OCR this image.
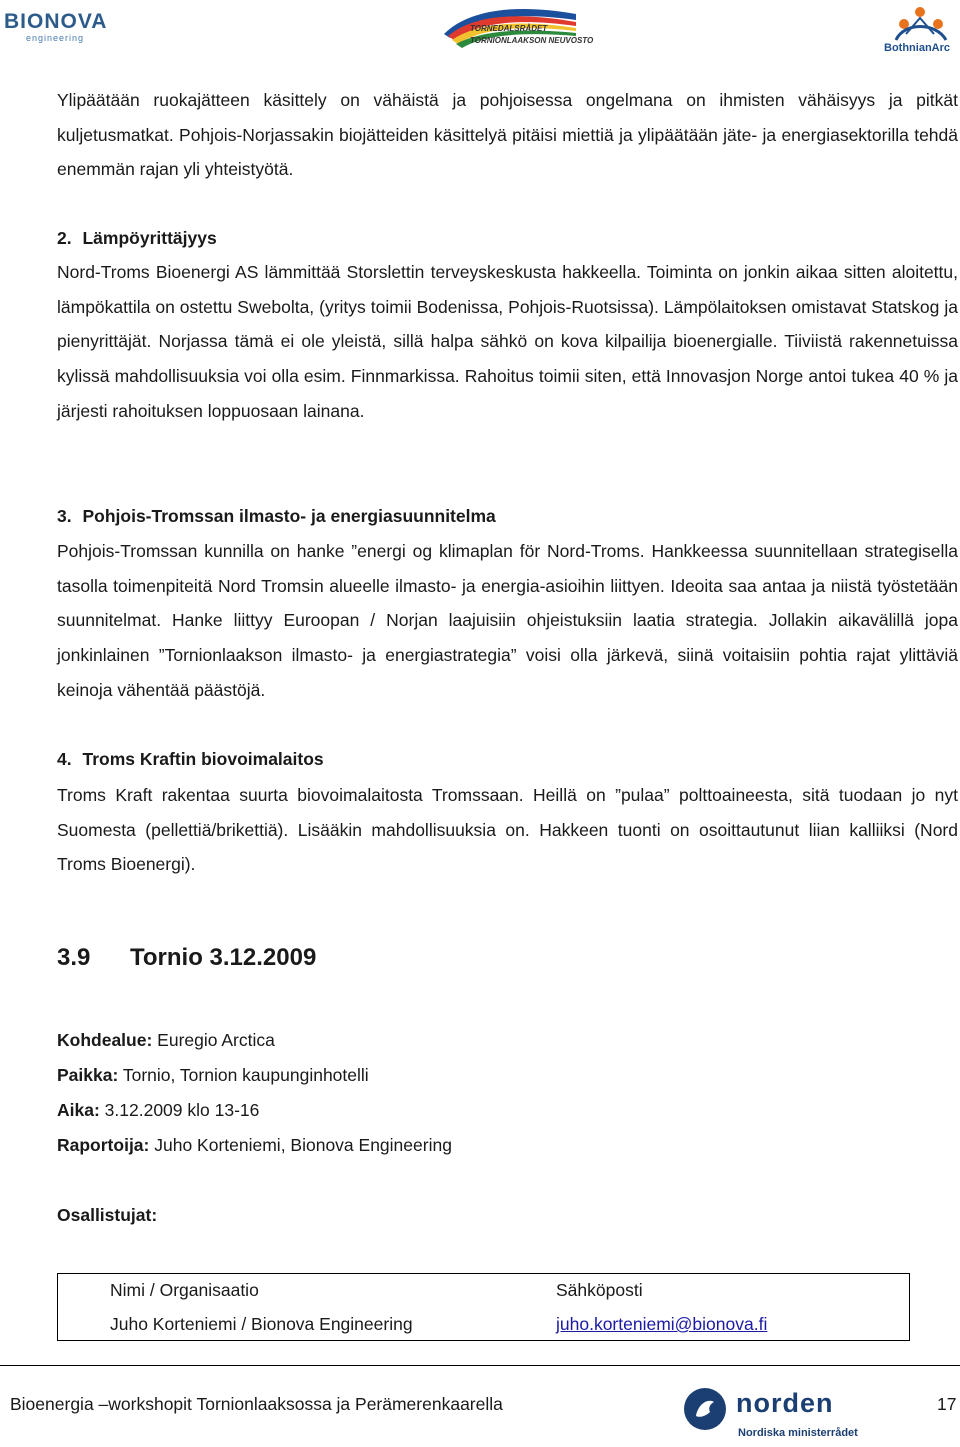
BIONOVA
engineering
TORNEDALSRÅDET
TORNIONLAAKSON NEUVOSTO
BothnianArc

Ylipäätään ruokajätteen käsittely on vähäistä ja pohjoisessa ongelmana on ihmisten vähäisyys ja pitkät kuljetusmatkat. Pohjois-Norjassakin biojätteiden käsittelyä pitäisi miettiä ja ylipäätään jäte- ja energiasektorilla tehdä enemmän rajan yli yhteistyötä.

2. Lämpöyrittäjyys

Nord-Troms Bioenergi AS lämmittää Storslettin terveyskeskusta hakkeella. Toiminta on jonkin aikaa sitten aloitettu, lämpökattila on ostettu Swebolta, (yritys toimii Bodenissa, Pohjois-Ruotsissa). Lämpölaitoksen omistavat Statskog ja pienyrittäjät. Norjassa tämä ei ole yleistä, sillä halpa sähkö on kova kilpailija bioenergialle. Tiiviistä rakennetuissa kylissä mahdollisuuksia voi olla esim. Finnmarkissa. Rahoitus toimii siten, että Innovasjon Norge antoi tukea 40 % ja järjesti rahoituksen loppuosaan lainana.

3. Pohjois-Tromssan ilmasto- ja energiasuunnitelma

Pohjois-Tromssan kunnilla on hanke ”energi og klimaplan för Nord-Troms. Hankkeessa suunnitellaan strategisella tasolla toimenpiteitä Nord Tromsin alueelle ilmasto- ja energia-asioihin liittyen. Ideoita saa antaa ja niistä työstetään suunnitelmat. Hanke liittyy Euroopan / Norjan laajuisiin ohjeistuksiin laatia strategia. Jollakin aikavälillä jopa jonkinlainen ”Tornionlaakson ilmasto- ja energiastrategia” voisi olla järkevä, siinä voitaisiin pohtia rajat ylittäviä keinoja vähentää päästöjä.

4. Troms Kraftin biovoimalaitos

Troms Kraft rakentaa suurta biovoimalaitosta Tromssaan. Heillä on ”pulaa” polttoaineesta, sitä tuodaan jo nyt Suomesta (pellettiä/brikettiä). Lisääkin mahdollisuuksia on. Hakkeen tuonti on osoittautunut liian kalliiksi (Nord Troms Bioenergi).

3.9 Tornio 3.12.2009

Kohdealue: Euregio Arctica

Paikka: Tornio, Tornion kaupunginhotelli

Aika: 3.12.2009 klo 13-16

Raportoija: Juho Korteniemi, Bionova Engineering

Osallistujat:

Nimi / Organisaatio	Sähköposti
Juho Korteniemi / Bionova Engineering	juho.korteniemi@bionova.fi
Bioenergia –workshopit Tornionlaaksossa ja Perämerenkaarella	norden
Nordiska ministerrådet
17
